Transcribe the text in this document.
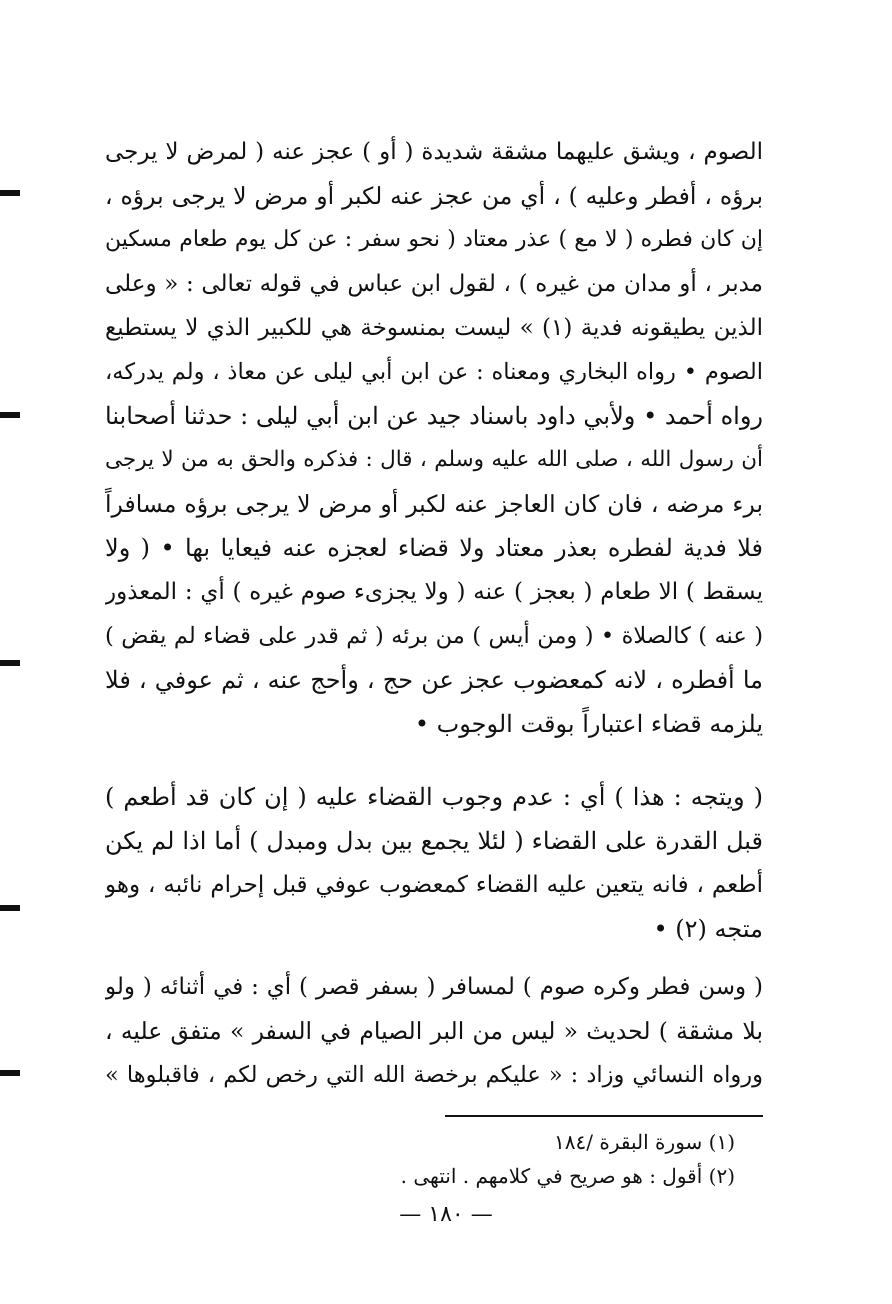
الصوم ، ويشق عليهما مشقة شديدة ( أو ) عجز عنه ( لمرض لا يرجى
برؤه ، أفطر وعليه ) ، أي من عجز عنه لكبر أو مرض لا يرجى برؤه ،
إن كان فطره ( لا مع ) عذر معتاد ( نحو سفر : عن كل يوم طعام مسكين
مدبر ، أو مدان من غيره ) ، لقول ابن عباس في قوله تعالى : « وعلى
الذين يطيقونه فدية (١) » ليست بمنسوخة هي للكبير الذي لا يستطيع
الصوم • رواه البخاري ومعناه : عن ابن أبي ليلى عن معاذ ، ولم يدركه،
رواه أحمد • ولأبي داود باسناد جيد عن ابن أبي ليلى : حدثنا أصحابنا
أن رسول الله ، صلى الله عليه وسلم ، قال : فذكره والحق به من لا يرجى
برء مرضه ، فان كان العاجز عنه لكبر أو مرض لا يرجى برؤه مسافراً
فلا فدية لفطره بعذر معتاد ولا قضاء لعجزه عنه فيعايا بها • ( ولا
يسقط ) الا طعام ( بعجز ) عنه ( ولا يجزىء صوم غيره ) أي : المعذور
( عنه ) كالصلاة • ( ومن أيس ) من برئه ( ثم قدر على قضاء لم يقض )
ما أفطره ، لانه كمعضوب عجز عن حج ، وأحج عنه ، ثم عوفي ، فلا
يلزمه قضاء اعتباراً بوقت الوجوب •
( ويتجه : هذا ) أي : عدم وجوب القضاء عليه ( إن كان قد أطعم )
قبل القدرة على القضاء ( لئلا يجمع بين بدل ومبدل ) أما اذا لم يكن
أطعم ، فانه يتعين عليه القضاء كمعضوب عوفي قبل إحرام نائبه ، وهو
متجه (٢) •
( وسن فطر وكره صوم ) لمسافر ( بسفر قصر ) أي : في أثنائه ( ولو
بلا مشقة ) لحديث « ليس من البر الصيام في السفر » متفق عليه ،
ورواه النسائي وزاد : « عليكم برخصة الله التي رخص لكم ، فاقبلوها »
(١) سورة البقرة /١٨٤
(٢) أقول : هو صريح في كلامهم . انتهى .
— ١٨٠ —
